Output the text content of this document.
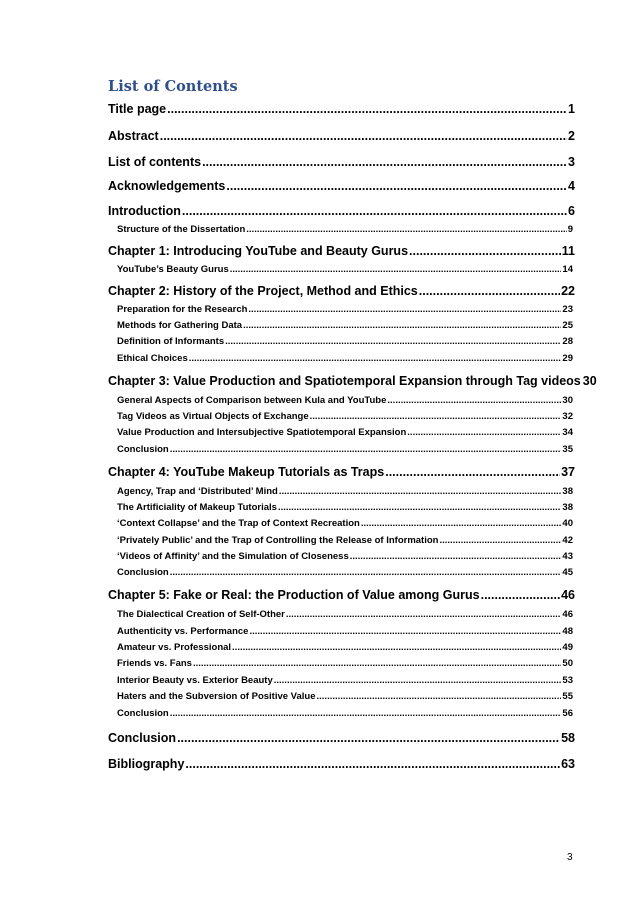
List of Contents
Title page .....	1
Abstract .....	2
List of contents .....	3
Acknowledgements .....	4
Introduction .....	6
Structure of the Dissertation .....	9
Chapter 1: Introducing YouTube and Beauty Gurus .....	11
YouTube’s Beauty Gurus .....	14
Chapter 2: History of the Project, Method and Ethics .....	22
Preparation for the Research .....	23
Methods for Gathering Data .....	25
Definition of Informants .....	28
Ethical Choices .....	29
Chapter 3: Value Production and Spatiotemporal Expansion through Tag videos 30
General Aspects of Comparison between Kula and YouTube .....	30
Tag Videos as Virtual Objects of Exchange .....	32
Value Production and Intersubjective Spatiotemporal Expansion .....	34
Conclusion .....	35
Chapter 4: YouTube Makeup Tutorials as Traps .....	37
Agency, Trap and ‘Distributed’ Mind .....	38
The Artificiality of Makeup Tutorials .....	38
‘Context Collapse’ and the Trap of Context Recreation .....	40
‘Privately Public’ and the Trap of Controlling the Release of Information .....	42
‘Videos of Affinity’ and the Simulation of Closeness .....	43
Conclusion .....	45
Chapter 5: Fake or Real: the Production of Value among Gurus .....	46
The Dialectical Creation of Self-Other .....	46
Authenticity vs. Performance .....	48
Amateur vs. Professional .....	49
Friends vs. Fans .....	50
Interior Beauty vs. Exterior Beauty .....	53
Haters and the Subversion of Positive Value .....	55
Conclusion .....	56
Conclusion .....	58
Bibliography .....	63
3
